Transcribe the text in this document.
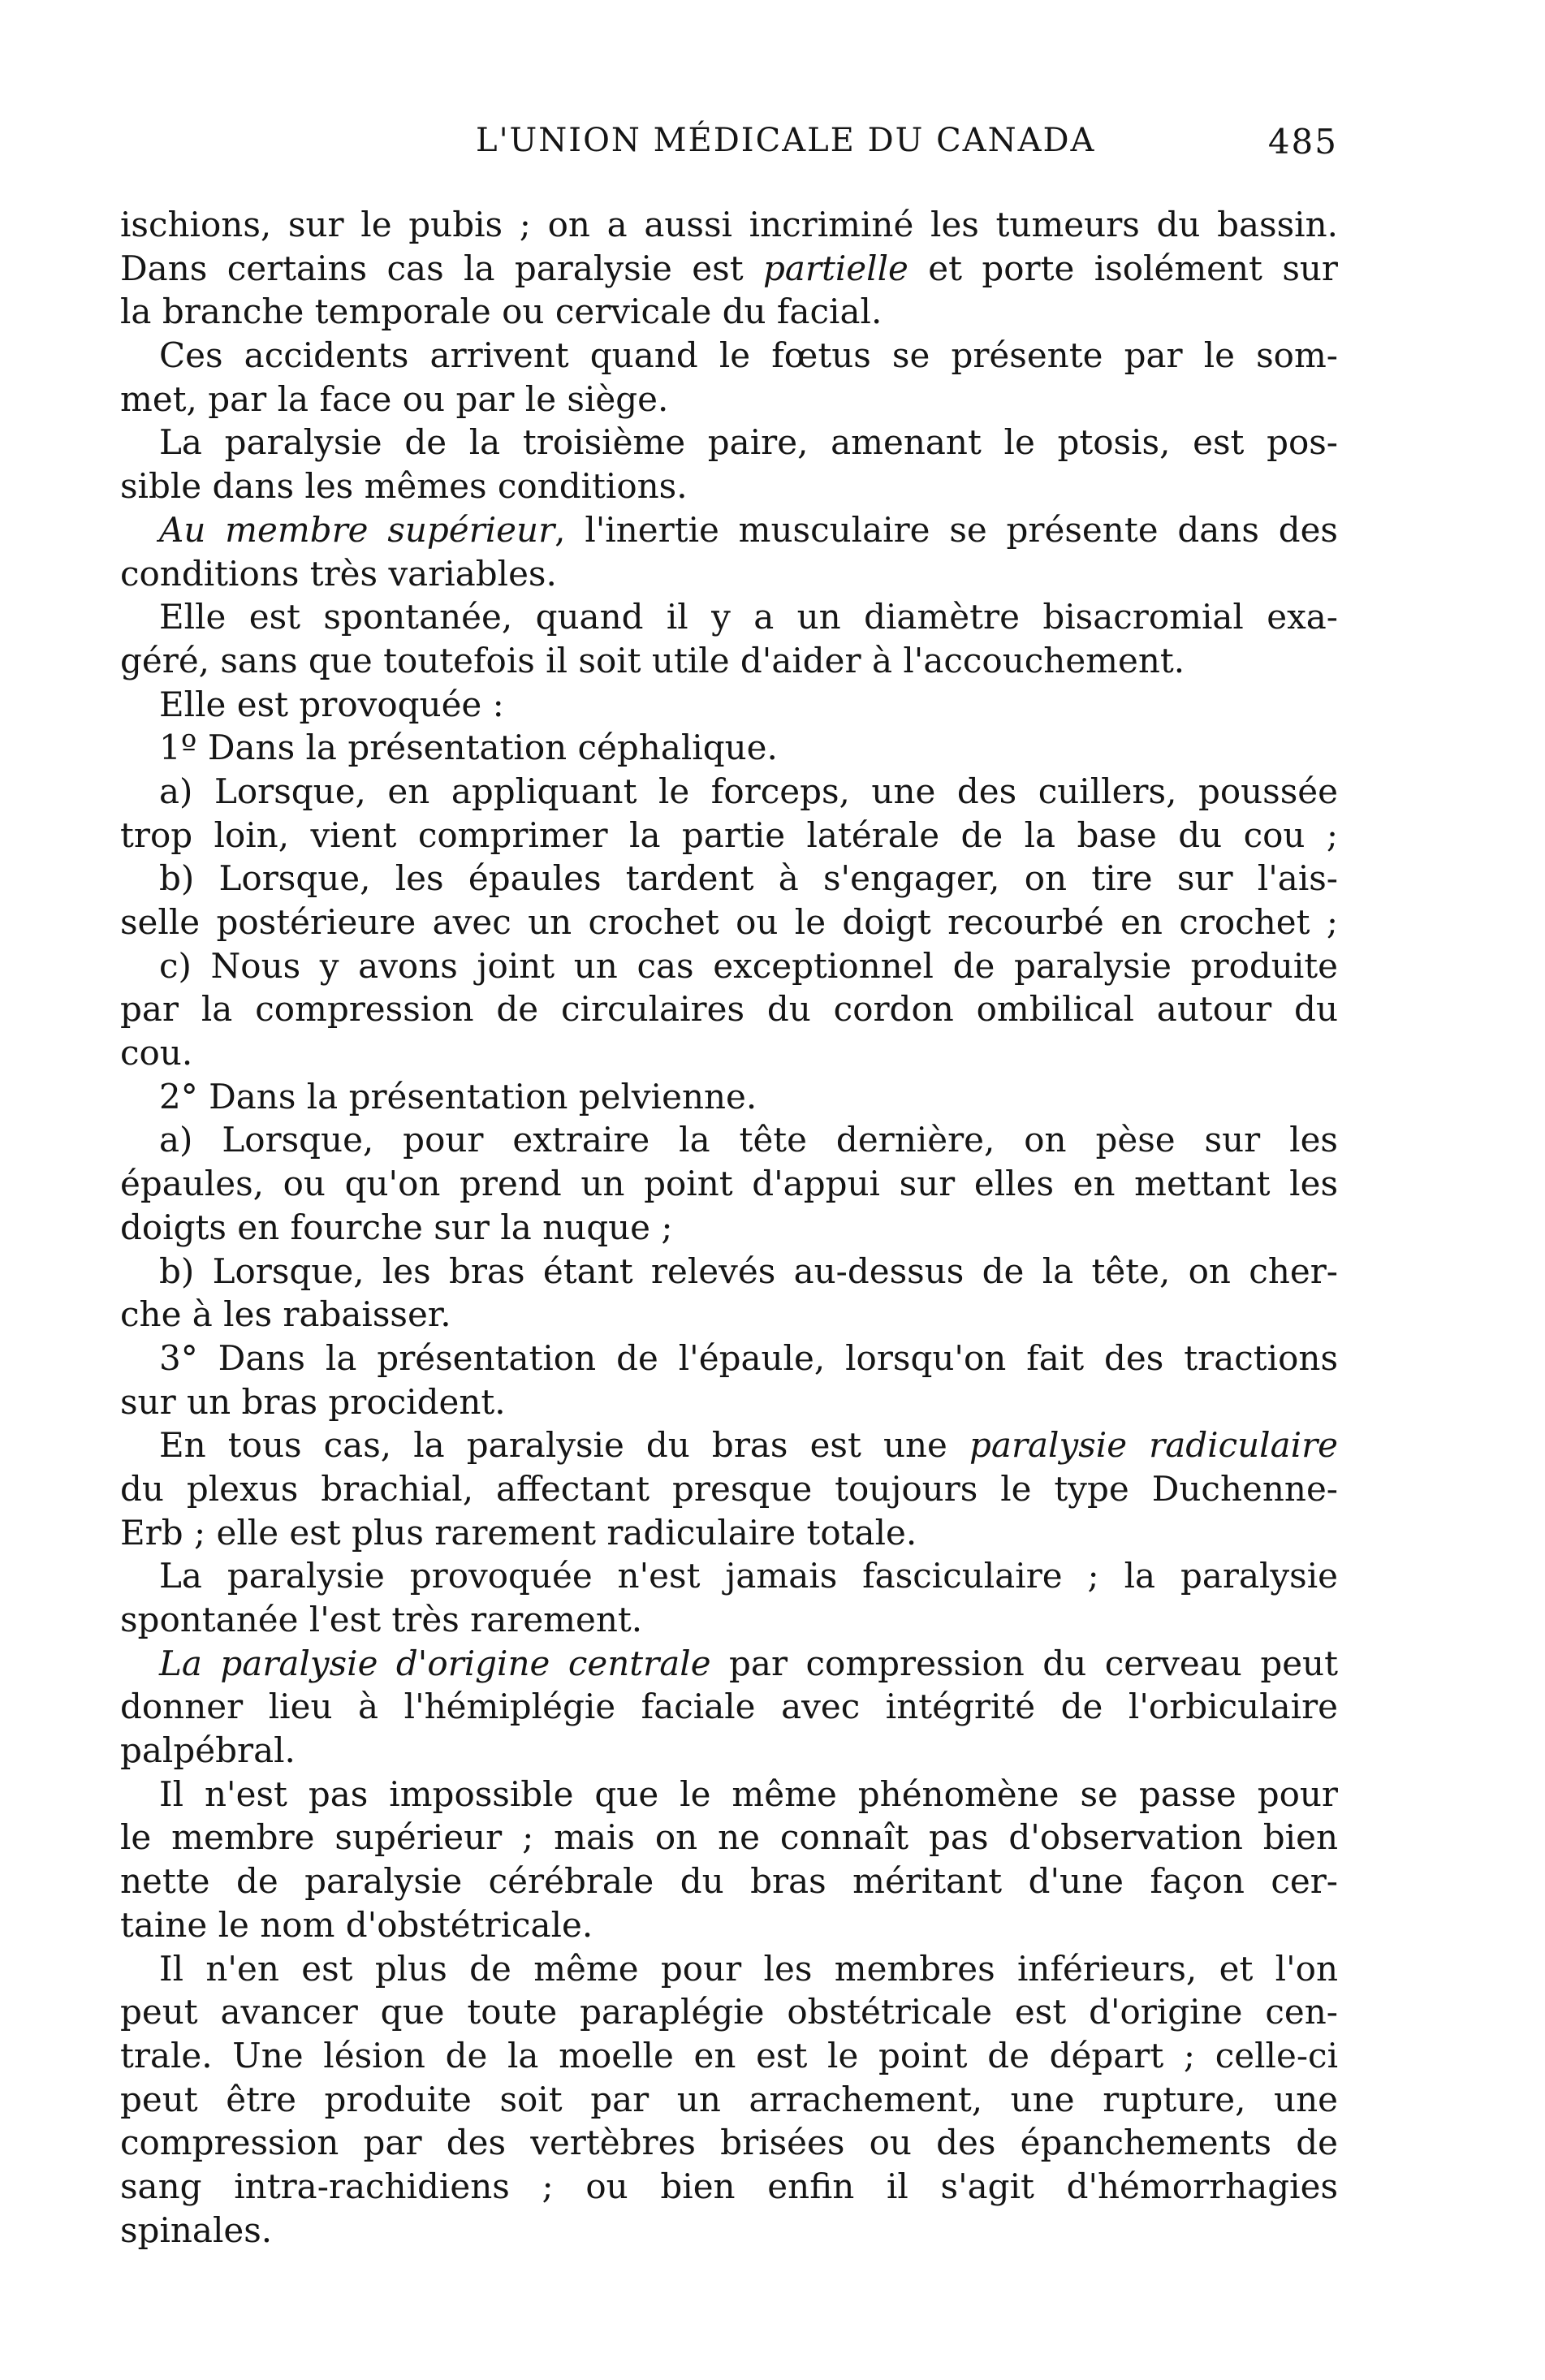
L'UNION MÉDICALE DU CANADA	485
ischions, sur le pubis ; on a aussi incriminé les tumeurs du bassin.
Dans certains cas la paralysie est partielle et porte isolément sur
la branche temporale ou cervicale du facial.
Ces accidents arrivent quand le fœtus se présente par le som-
met, par la face ou par le siège.
La paralysie de la troisième paire, amenant le ptosis, est pos-
sible dans les mêmes conditions.
Au membre supérieur, l'inertie musculaire se présente dans des
conditions très variables.
Elle est spontanée, quand il y a un diamètre bisacromial exa-
géré, sans que toutefois il soit utile d'aider à l'accouchement.
Elle est provoquée :
1º Dans la présentation céphalique.
a) Lorsque, en appliquant le forceps, une des cuillers, poussée
trop loin, vient comprimer la partie latérale de la base du cou ;
b) Lorsque, les épaules tardent à s'engager, on tire sur l'ais-
selle postérieure avec un crochet ou le doigt recourbé en crochet ;
c) Nous y avons joint un cas exceptionnel de paralysie produite
par la compression de circulaires du cordon ombilical autour du
cou.
2° Dans la présentation pelvienne.
a) Lorsque, pour extraire la tête dernière, on pèse sur les
épaules, ou qu'on prend un point d'appui sur elles en mettant les
doigts en fourche sur la nuque ;
b) Lorsque, les bras étant relevés au-dessus de la tête, on cher-
che à les rabaisser.
3° Dans la présentation de l'épaule, lorsqu'on fait des tractions
sur un bras procident.
En tous cas, la paralysie du bras est une paralysie radiculaire
du plexus brachial, affectant presque toujours le type Duchenne-
Erb ; elle est plus rarement radiculaire totale.
La paralysie provoquée n'est jamais fasciculaire ; la paralysie
spontanée l'est très rarement.
La paralysie d'origine centrale par compression du cerveau peut
donner lieu à l'hémiplégie faciale avec intégrité de l'orbiculaire
palpébral.
Il n'est pas impossible que le même phénomène se passe pour
le membre supérieur ; mais on ne connaît pas d'observation bien
nette de paralysie cérébrale du bras méritant d'une façon cer-
taine le nom d'obstétricale.
Il n'en est plus de même pour les membres inférieurs, et l'on
peut avancer que toute paraplégie obstétricale est d'origine cen-
trale. Une lésion de la moelle en est le point de départ ; celle-ci
peut être produite soit par un arrachement, une rupture, une
compression par des vertèbres brisées ou des épanchements de
sang intra-rachidiens ; ou bien enfin il s'agit d'hémorrhagies
spinales.
